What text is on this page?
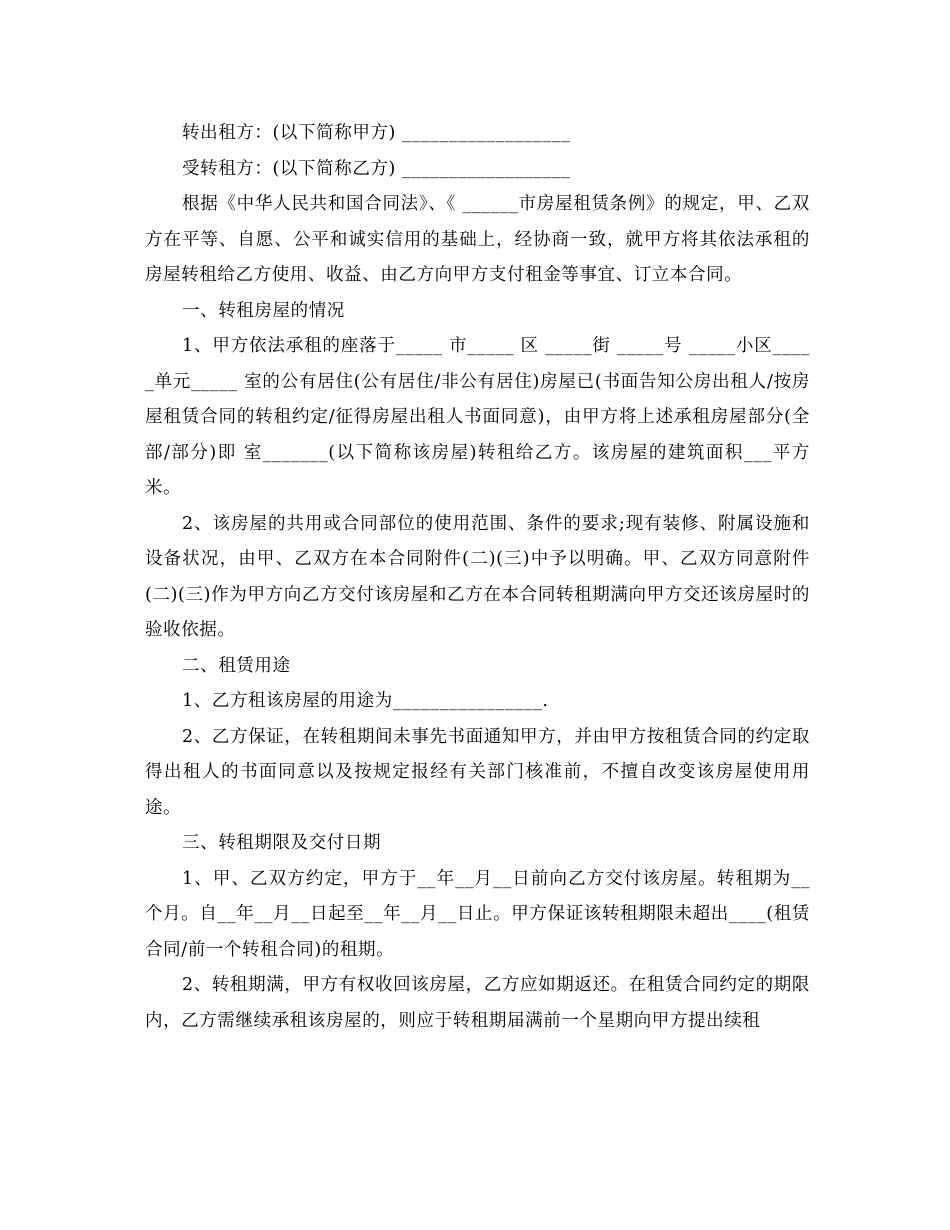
转出租方：(以下简称甲方) __________________

受转租方：(以下简称乙方) __________________

根据《中华人民共和国合同法》、《 ______市房屋租赁条例》的规定，甲、乙双方在平等、自愿、公平和诚实信用的基础上，经协商一致，就甲方将其依法承租的房屋转租给乙方使用、收益、由乙方向甲方支付租金等事宜、订立本合同。

一、转租房屋的情况

1、甲方依法承租的座落于_____ 市_____ 区 _____街 _____号 _____小区_____单元_____ 室的公有居住(公有居住/非公有居住)房屋已(书面告知公房出租人/按房屋租赁合同的转租约定/征得房屋出租人书面同意)，由甲方将上述承租房屋部分(全部/部分)即 室_______(以下简称该房屋)转租给乙方。该房屋的建筑面积___平方米。

2、该房屋的共用或合同部位的使用范围、条件的要求;现有装修、附属设施和设备状况，由甲、乙双方在本合同附件(二)(三)中予以明确。甲、乙双方同意附件(二)(三)作为甲方向乙方交付该房屋和乙方在本合同转租期满向甲方交还该房屋时的验收依据。

二、租赁用途

1、乙方租该房屋的用途为________________.

2、乙方保证，在转租期间未事先书面通知甲方，并由甲方按租赁合同的约定取得出租人的书面同意以及按规定报经有关部门核准前，不擅自改变该房屋使用用途。

三、转租期限及交付日期

1、甲、乙双方约定，甲方于__年__月__日前向乙方交付该房屋。转租期为__个月。自__年__月__日起至__年__月__日止。甲方保证该转租期限未超出____(租赁合同/前一个转租合同)的租期。

2、转租期满，甲方有权收回该房屋，乙方应如期返还。在租赁合同约定的期限内，乙方需继续承租该房屋的，则应于转租期届满前一个星期向甲方提出续租
